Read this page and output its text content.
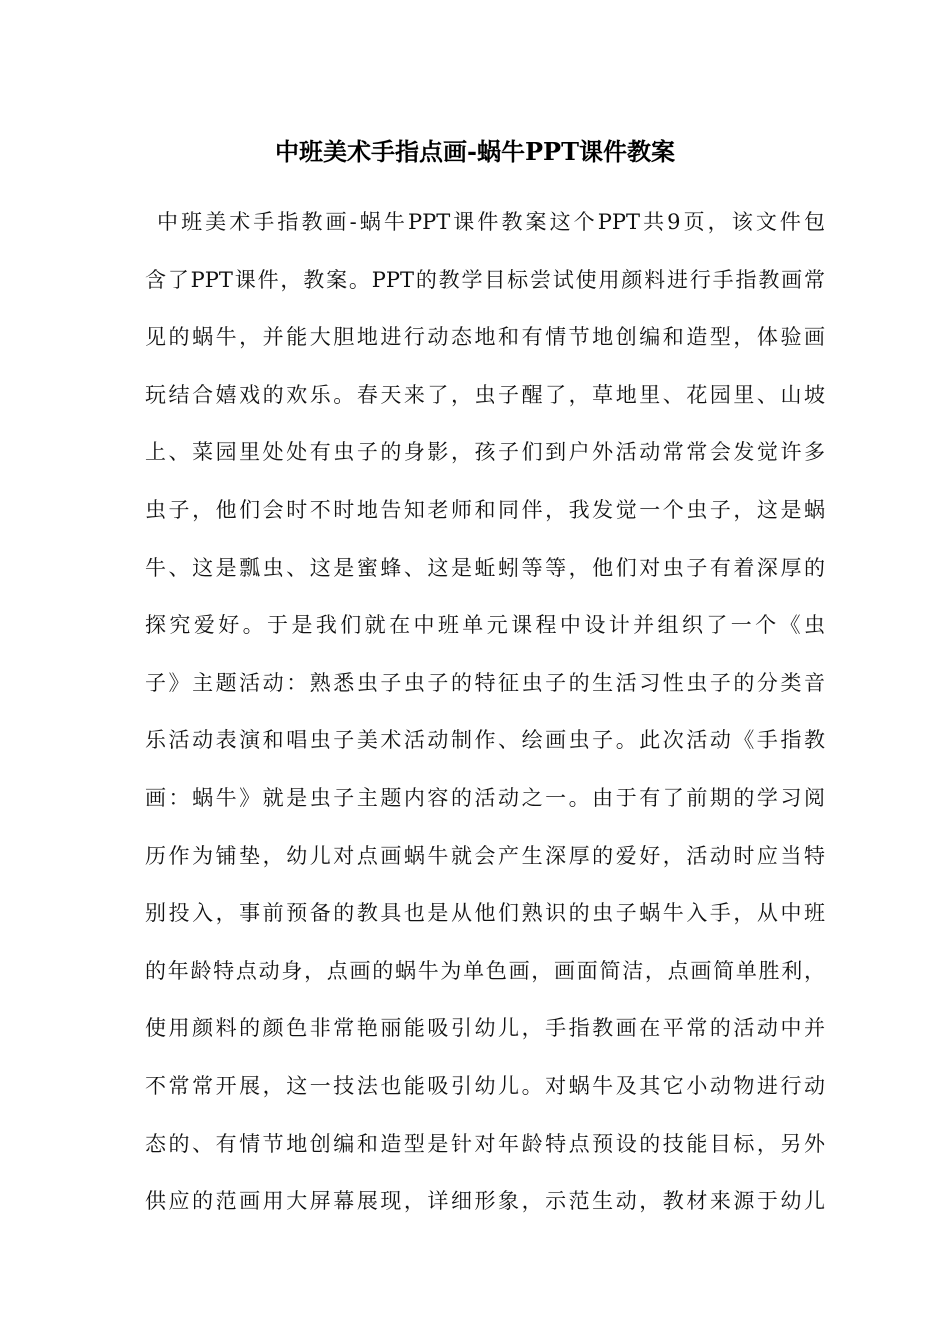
中班美术手指点画-蜗牛PPT课件教案
中班美术手指教画-蜗牛PPT课件教案这个PPT共9页，该文件包
含了PPT课件，教案。PPT的教学目标尝试使用颜料进行手指教画常
见的蜗牛，并能大胆地进行动态地和有情节地创编和造型，体验画
玩结合嬉戏的欢乐。春天来了，虫子醒了，草地里、花园里、山坡
上、菜园里处处有虫子的身影，孩子们到户外活动常常会发觉许多
虫子，他们会时不时地告知老师和同伴，我发觉一个虫子，这是蜗
牛、这是瓢虫、这是蜜蜂、这是蚯蚓等等，他们对虫子有着深厚的
探究爱好。于是我们就在中班单元课程中设计并组织了一个《虫
子》主题活动：熟悉虫子虫子的特征虫子的生活习性虫子的分类音
乐活动表演和唱虫子美术活动制作、绘画虫子。此次活动《手指教
画：蜗牛》就是虫子主题内容的活动之一。由于有了前期的学习阅
历作为铺垫，幼儿对点画蜗牛就会产生深厚的爱好，活动时应当特
别投入，事前预备的教具也是从他们熟识的虫子蜗牛入手，从中班
的年龄特点动身，点画的蜗牛为单色画，画面简洁，点画简单胜利，
使用颜料的颜色非常艳丽能吸引幼儿，手指教画在平常的活动中并
不常常开展，这一技法也能吸引幼儿。对蜗牛及其它小动物进行动
态的、有情节地创编和造型是针对年龄特点预设的技能目标，另外
供应的范画用大屏幕展现，详细形象，示范生动，教材来源于幼儿
